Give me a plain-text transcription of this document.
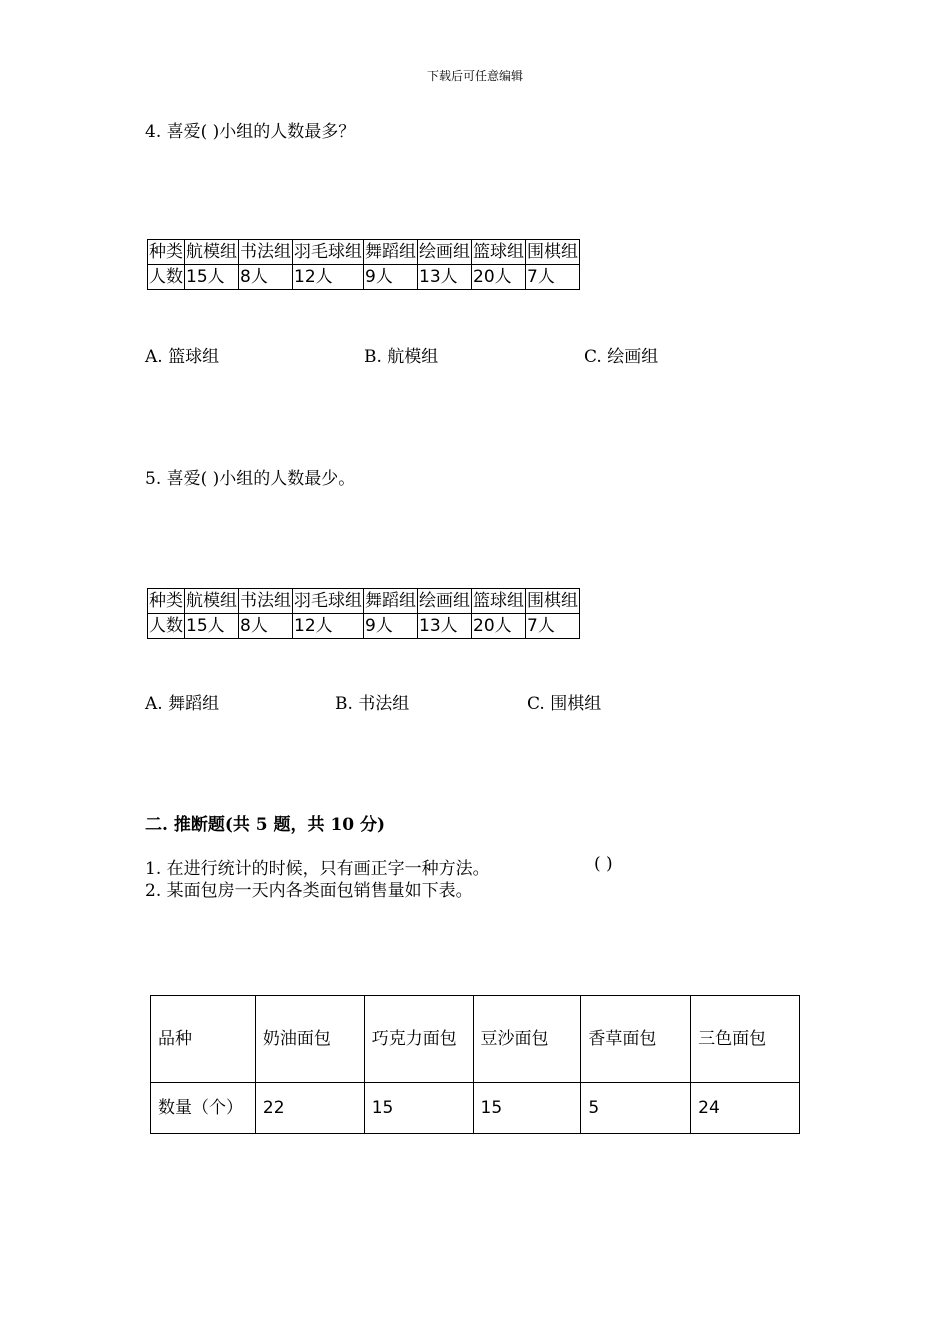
下载后可任意编辑
4. 喜爱( )小组的人数最多？
种类	航模组	书法组	羽毛球组	舞蹈组	绘画组	篮球组	围棋组
人数	15人	8人	12人	9人	13人	20人	7人
A. 篮球组	B. 航模组	C. 绘画组
5. 喜爱( )小组的人数最少。
种类	航模组	书法组	羽毛球组	舞蹈组	绘画组	篮球组	围棋组
人数	15人	8人	12人	9人	13人	20人	7人
A. 舞蹈组	B. 书法组	C. 围棋组
二. 推断题(共 5 题，共 10 分)
1. 在进行统计的时候，只有画正字一种方法。	( )
2. 某面包房一天内各类面包销售量如下表。
品种	奶油面包	巧克力面包	豆沙面包	香草面包	三色面包
数量（个）	22	15	15	5	24
